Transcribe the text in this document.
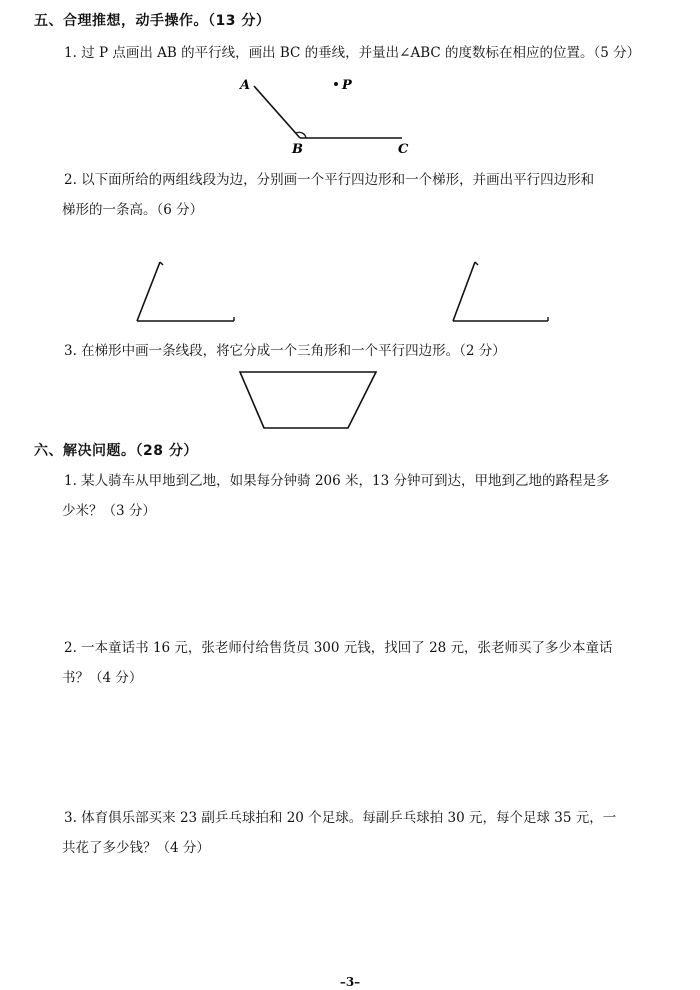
五、合理推想，动手操作。（13 分）
1. 过 P 点画出 AB 的平行线，画出 BC 的垂线，并量出∠ABC 的度数标在相应的位置。（5 分）
A	P
B	C
2. 以下面所给的两组线段为边，分别画一个平行四边形和一个梯形，并画出平行四边形和
梯形的一条高。（6 分）
3. 在梯形中画一条线段，将它分成一个三角形和一个平行四边形。（2 分）
六、解决问题。（28 分）
1. 某人骑车从甲地到乙地，如果每分钟骑 206 米，13 分钟可到达，甲地到乙地的路程是多
少米？（3 分）
2. 一本童话书 16 元，张老师付给售货员 300 元钱，找回了 28 元，张老师买了多少本童话
书？（4 分）
3. 体育俱乐部买来 23 副乒乓球拍和 20 个足球。每副乒乓球拍 30 元，每个足球 35 元，一
共花了多少钱？（4 分）
–3–
